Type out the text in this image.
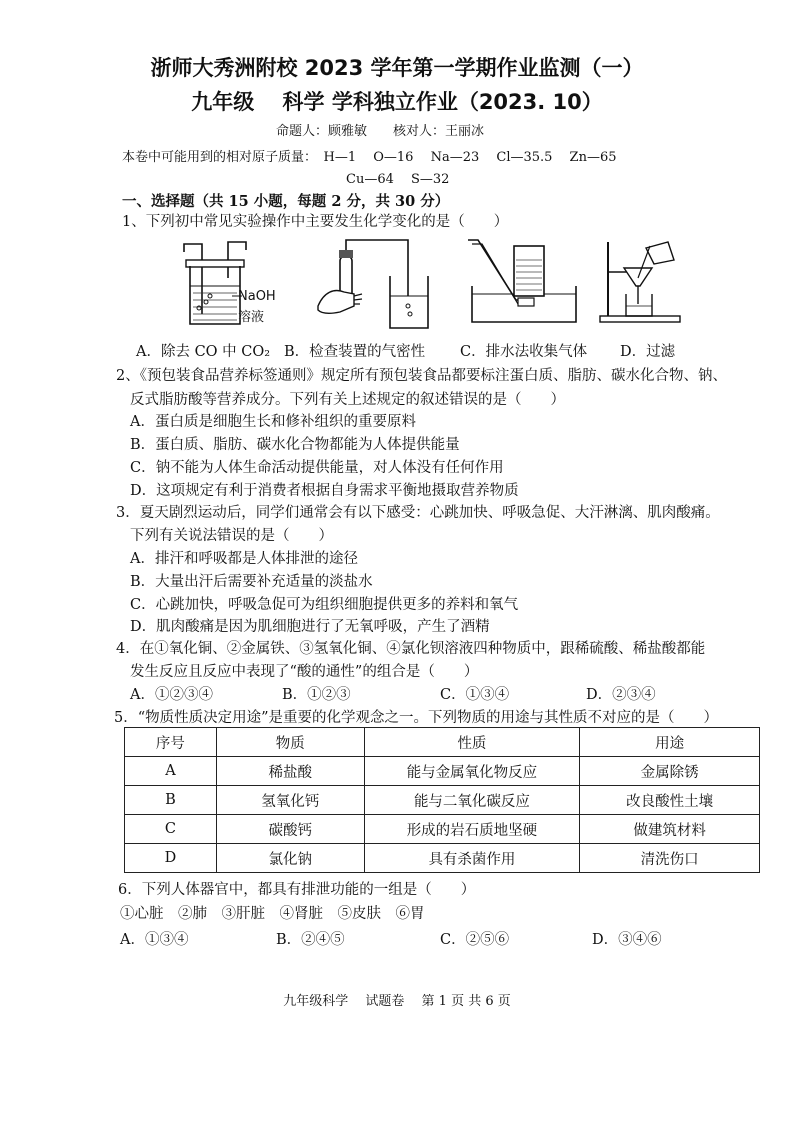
浙师大秀洲附校 2023 学年第一学期作业监测（一）
九年级　 科学 学科独立作业（2023. 10）
命题人：顾雅敏　　核对人：王丽冰
本卷中可能用到的相对原子质量：　H—1　 O—16　 Na—23　 Cl—35.5　 Zn—65
Cu—64　 S—32
一、选择题（共 15 小题，每题 2 分，共 30 分）
1、下列初中常见实验操作中主要发生化学变化的是（　　）
NaOH
溶液
A．除去 CO 中 CO₂ B．检查装置的气密性 C．排水法收集气体 D．过滤
2、《预包装食品营养标签通则》规定所有预包装食品都要标注蛋白质、脂肪、碳水化合物、钠、
反式脂肪酸等营养成分。下列有关上述规定的叙述错误的是（　　）
A．蛋白质是细胞生长和修补组织的重要原料
B．蛋白质、脂肪、碳水化合物都能为人体提供能量
C．钠不能为人体生命活动提供能量，对人体没有任何作用
D．这项规定有利于消费者根据自身需求平衡地摄取营养物质
3．夏天剧烈运动后，同学们通常会有以下感受：心跳加快、呼吸急促、大汗淋漓、肌肉酸痛。
下列有关说法错误的是（　　）
A．排汗和呼吸都是人体排泄的途径
B．大量出汗后需要补充适量的淡盐水
C．心跳加快，呼吸急促可为组织细胞提供更多的养料和氧气
D．肌肉酸痛是因为肌细胞进行了无氧呼吸，产生了酒精
4．在①氧化铜、②金属铁、③氢氧化铜、④氯化钡溶液四种物质中，跟稀硫酸、稀盐酸都能
发生反应且反应中表现了“酸的通性”的组合是（　　）
A．①②③④	B．①②③	C．①③④	D．②③④
5．“物质性质决定用途”是重要的化学观念之一。下列物质的用途与其性质不对应的是（　　）
序号	物质	性质	用途
A	稀盐酸	能与金属氧化物反应	金属除锈
B	氢氧化钙	能与二氧化碳反应	改良酸性土壤
C	碳酸钙	形成的岩石质地坚硬	做建筑材料
D	氯化钠	具有杀菌作用	清洗伤口
6．下列人体器官中，都具有排泄功能的一组是（　　）
①心脏　②肺　③肝脏　④肾脏　⑤皮肤　⑥胃
A．①③④	B．②④⑤	C．②⑤⑥	D．③④⑥
九年级科学　 试题卷　 第 1 页 共 6 页
